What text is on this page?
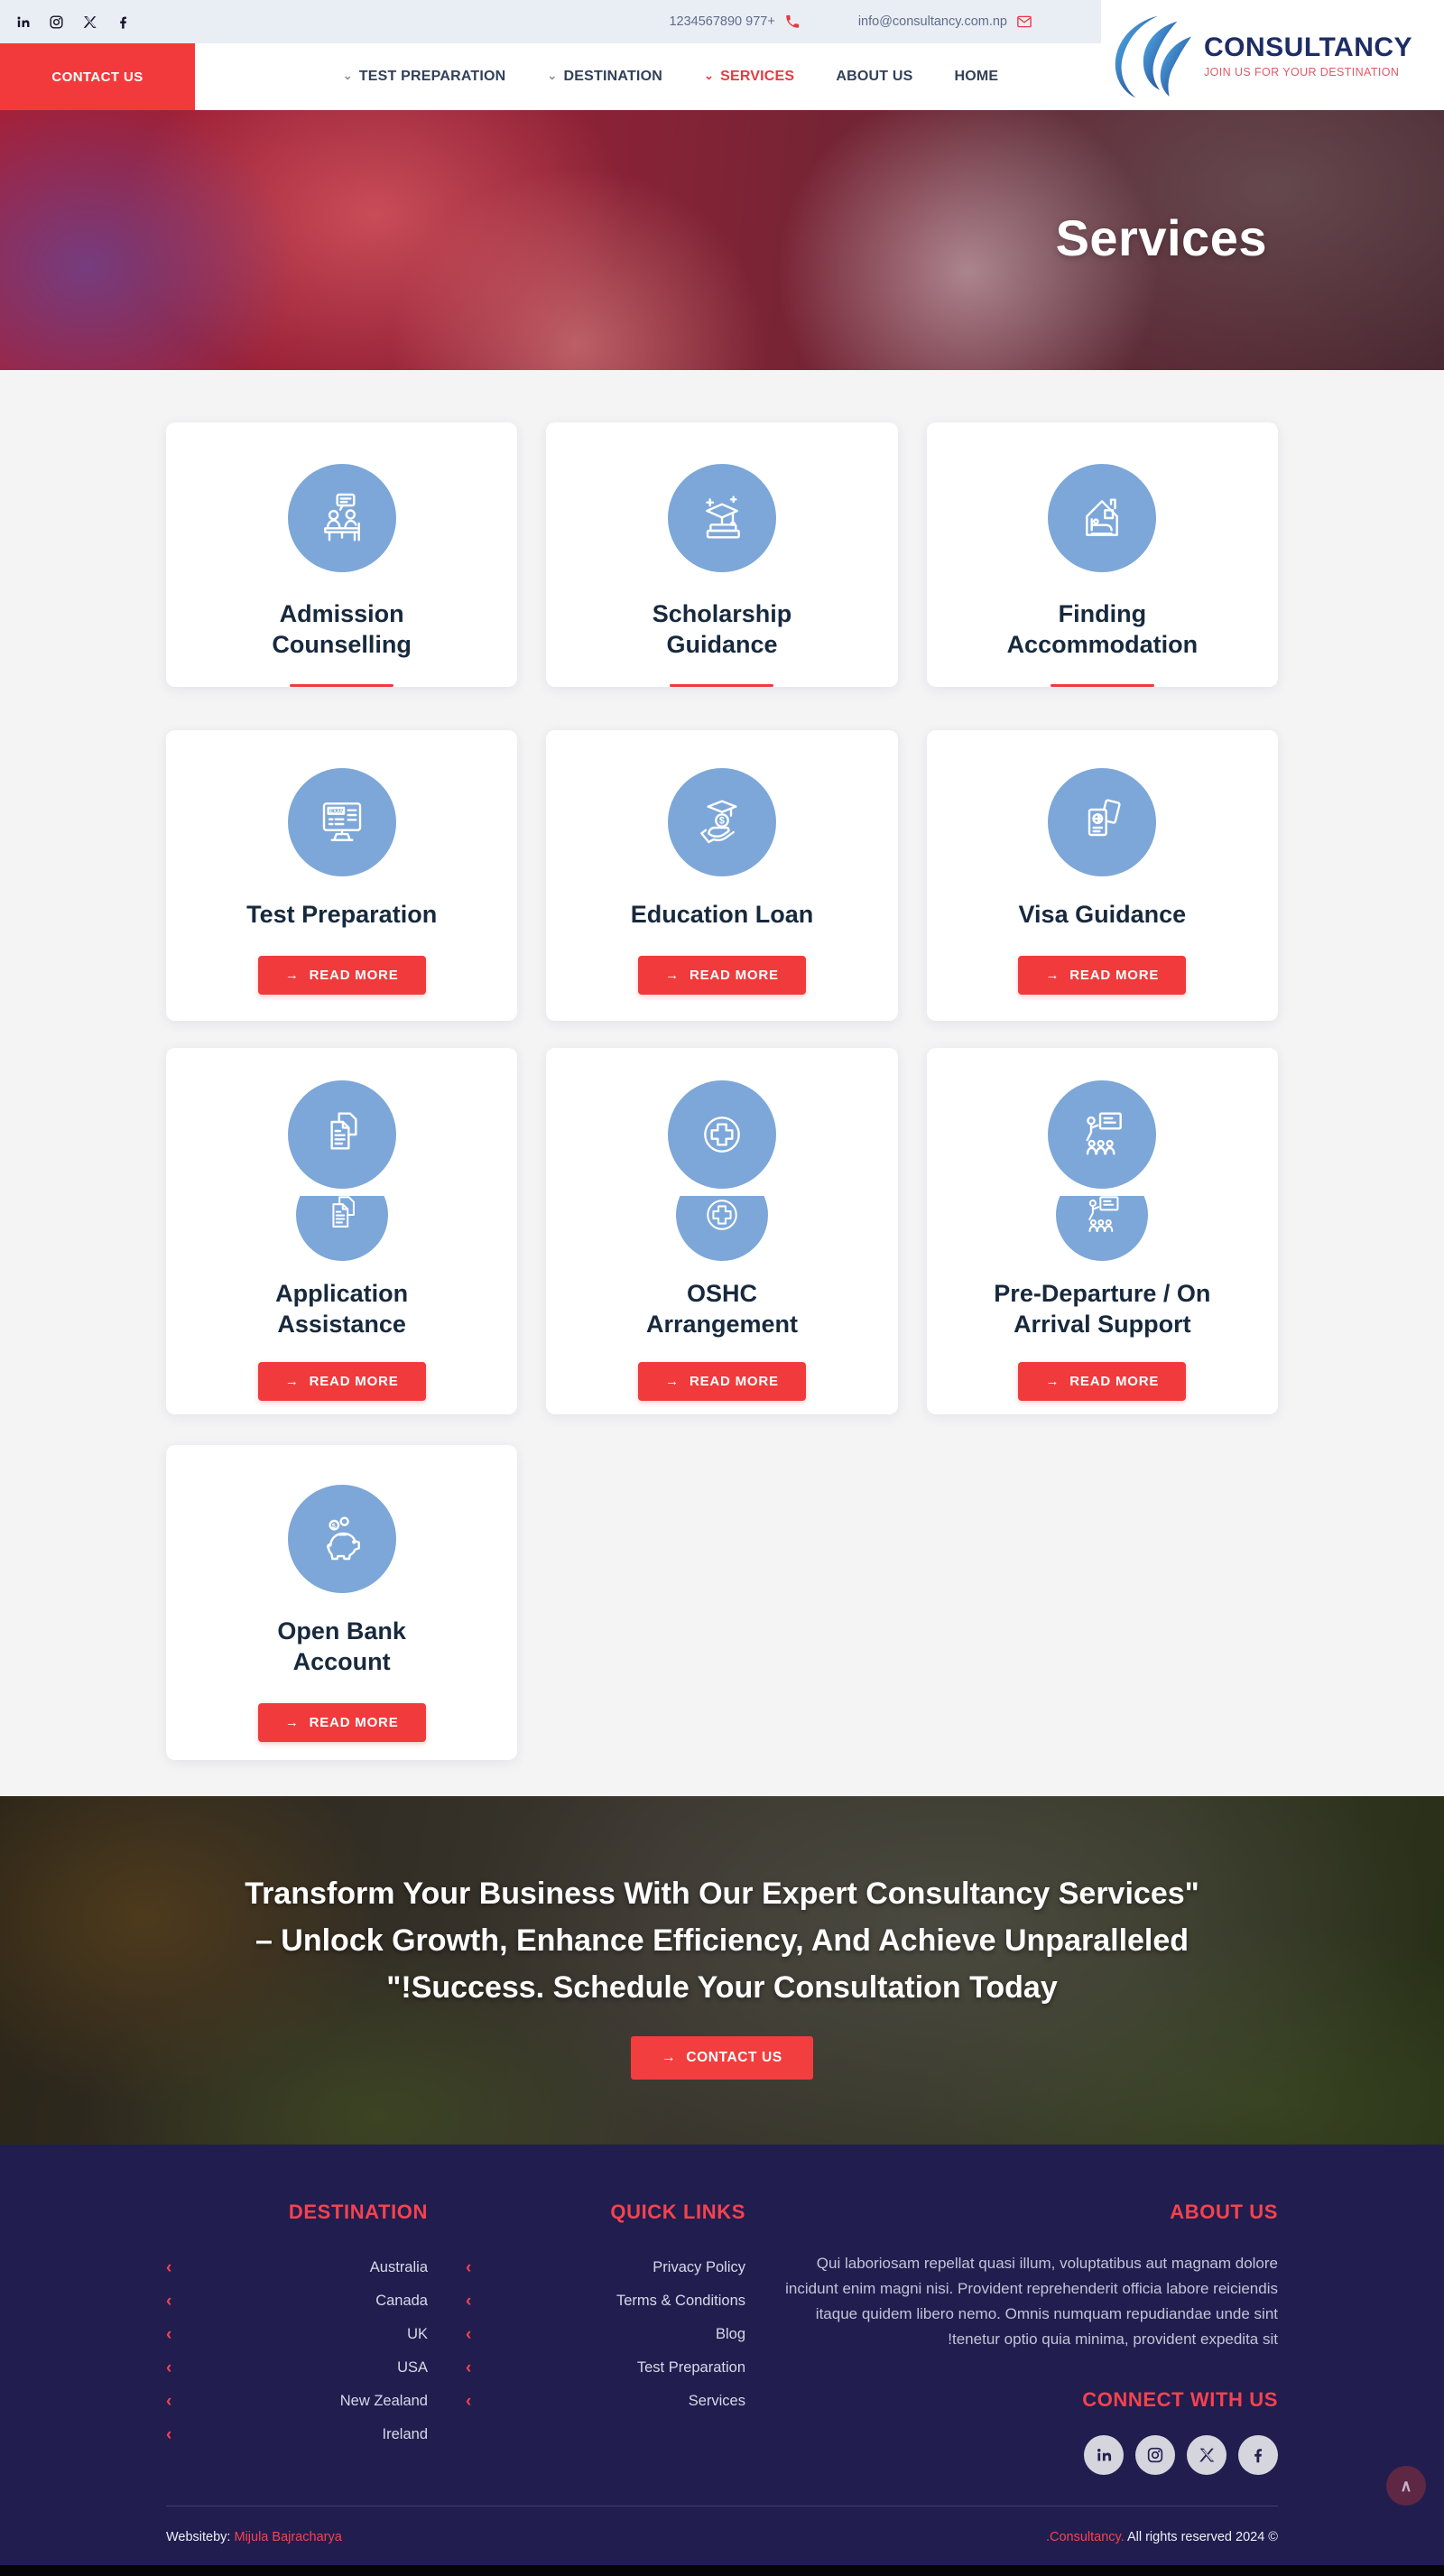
1234567890 977+	info@consultancy.com.np
CONTACT US	⌄ TEST PREPARATION	⌄ DESTINATION	⌄ SERVICES	ABOUT US	HOME
CONSULTANCY
JOIN US FOR YOUR DESTINATION
Services
Admission Counselling
Scholarship Guidance
Finding Accommodation
Test Preparation
→ READ MORE
Education Loan
→ READ MORE
Visa Guidance
→ READ MORE
Application Assistance
→ READ MORE
OSHC Arrangement
→ READ MORE
Pre-Departure / On Arrival Support
→ READ MORE
Open Bank Account
→ READ MORE
Transform Your Business With Our Expert Consultancy Services"
– Unlock Growth, Enhance Efficiency, And Achieve Unparalleled
"!Success. Schedule Your Consultation Today
→ CONTACT US
DESTINATION
‹	Australia
‹	Canada
‹	UK
‹	USA
‹	New Zealand
‹	Ireland
QUICK LINKS
‹	Privacy Policy
‹	Terms & Conditions
‹	Blog
‹	Test Preparation
‹	Services
ABOUT US
Qui laboriosam repellat quasi illum, voluptatibus aut magnam dolore incidunt enim magni nisi. Provident reprehenderit officia labore reiciendis itaque quidem libero nemo. Omnis numquam repudiandae unde sint !tenetur optio quia minima, provident expedita sit
CONNECT WITH US
Websiteby: Mijula Bajracharya	.Consultancy. All rights reserved 2024 ©
∧
